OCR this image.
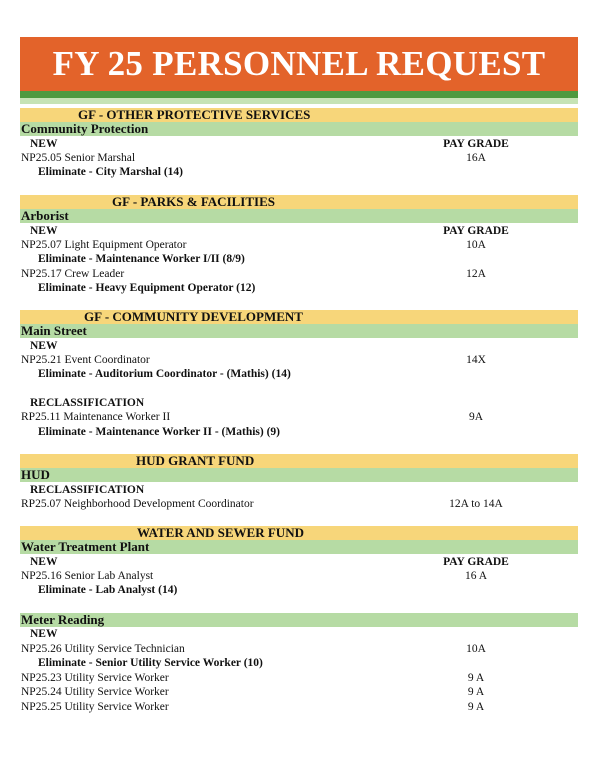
FY 25 PERSONNEL REQUEST
GF - OTHER PROTECTIVE SERVICES
Community Protection
NEW	PAY GRADE
NP25.05 Senior Marshal	16A
Eliminate - City Marshal (14)
GF - PARKS & FACILITIES
Arborist
NEW	PAY GRADE
NP25.07 Light Equipment Operator	10A
Eliminate - Maintenance Worker I/II (8/9)
NP25.17 Crew Leader	12A
Eliminate - Heavy Equipment Operator (12)
GF - COMMUNITY DEVELOPMENT
Main Street
NEW
NP25.21 Event Coordinator	14X
Eliminate - Auditorium Coordinator - (Mathis) (14)
RECLASSIFICATION
RP25.11 Maintenance Worker II	9A
Eliminate - Maintenance Worker II - (Mathis) (9)
HUD GRANT FUND
HUD
RECLASSIFICATION
RP25.07 Neighborhood Development Coordinator	12A to 14A
WATER AND SEWER FUND
Water Treatment Plant
NEW	PAY GRADE
NP25.16 Senior Lab Analyst	16 A
Eliminate - Lab Analyst (14)
Meter Reading
NEW
NP25.26 Utility Service Technician	10A
Eliminate - Senior Utility Service Worker (10)
NP25.23 Utility Service Worker	9 A
NP25.24 Utility Service Worker	9 A
NP25.25 Utility Service Worker	9 A
